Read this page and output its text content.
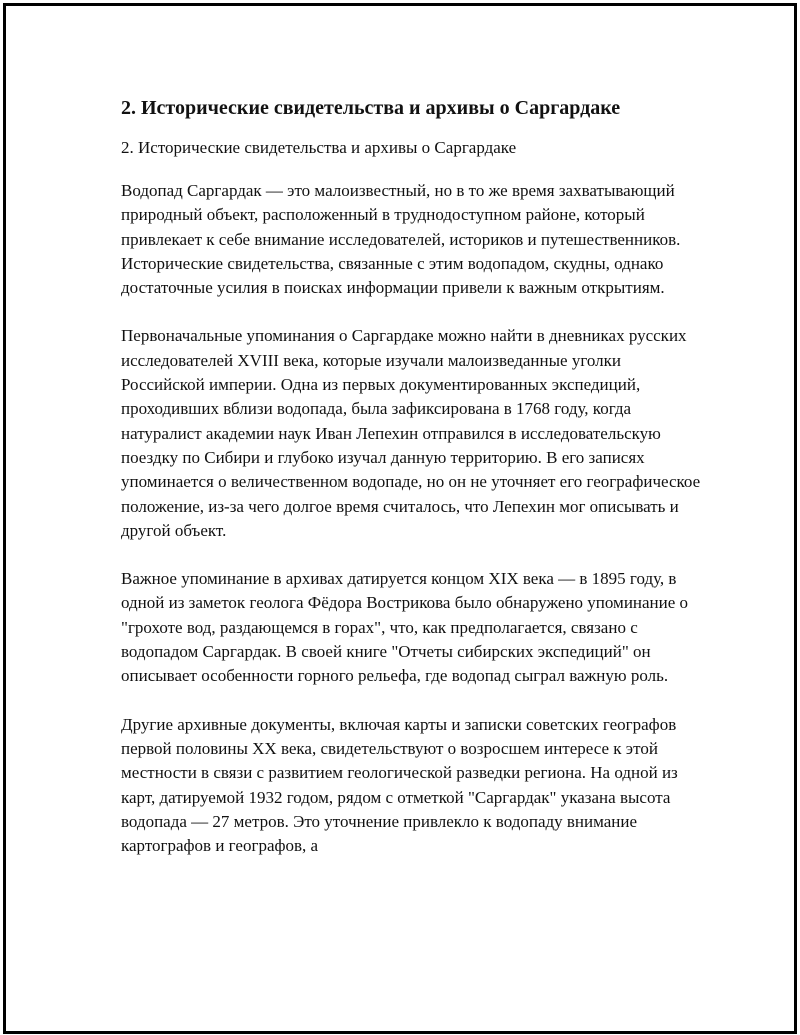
2. Исторические свидетельства и архивы о Саргардаке

2. Исторические свидетельства и архивы о Саргардаке

Водопад Саргардак — это малоизвестный, но в то же время захватывающий природный объект, расположенный в труднодоступном районе, который привлекает к себе внимание исследователей, историков и путешественников. Исторические свидетельства, связанные с этим водопадом, скудны, однако достаточные усилия в поисках информации привели к важным открытиям.

Первоначальные упоминания о Саргардаке можно найти в дневниках русских исследователей XVIII века, которые изучали малоизведанные уголки Российской империи. Одна из первых документированных экспедиций, проходивших вблизи водопада, была зафиксирована в 1768 году, когда натуралист академии наук Иван Лепехин отправился в исследовательскую поездку по Сибири и глубоко изучал данную территорию. В его записях упоминается о величественном водопаде, но он не уточняет его географическое положение, из-за чего долгое время считалось, что Лепехин мог описывать и другой объект.

Важное упоминание в архивах датируется концом XIX века — в 1895 году, в одной из заметок геолога Фёдора Вострикова было обнаружено упоминание о "грохоте вод, раздающемся в горах", что, как предполагается, связано с водопадом Саргардак. В своей книге "Отчеты сибирских экспедиций" он описывает особенности горного рельефа, где водопад сыграл важную роль.

Другие архивные документы, включая карты и записки советских географов первой половины XX века, свидетельствуют о возросшем интересе к этой местности в связи с развитием геологической разведки региона. На одной из карт, датируемой 1932 годом, рядом с отметкой "Саргардак" указана высота водопада — 27 метров. Это уточнение привлекло к водопаду внимание картографов и географов, а
